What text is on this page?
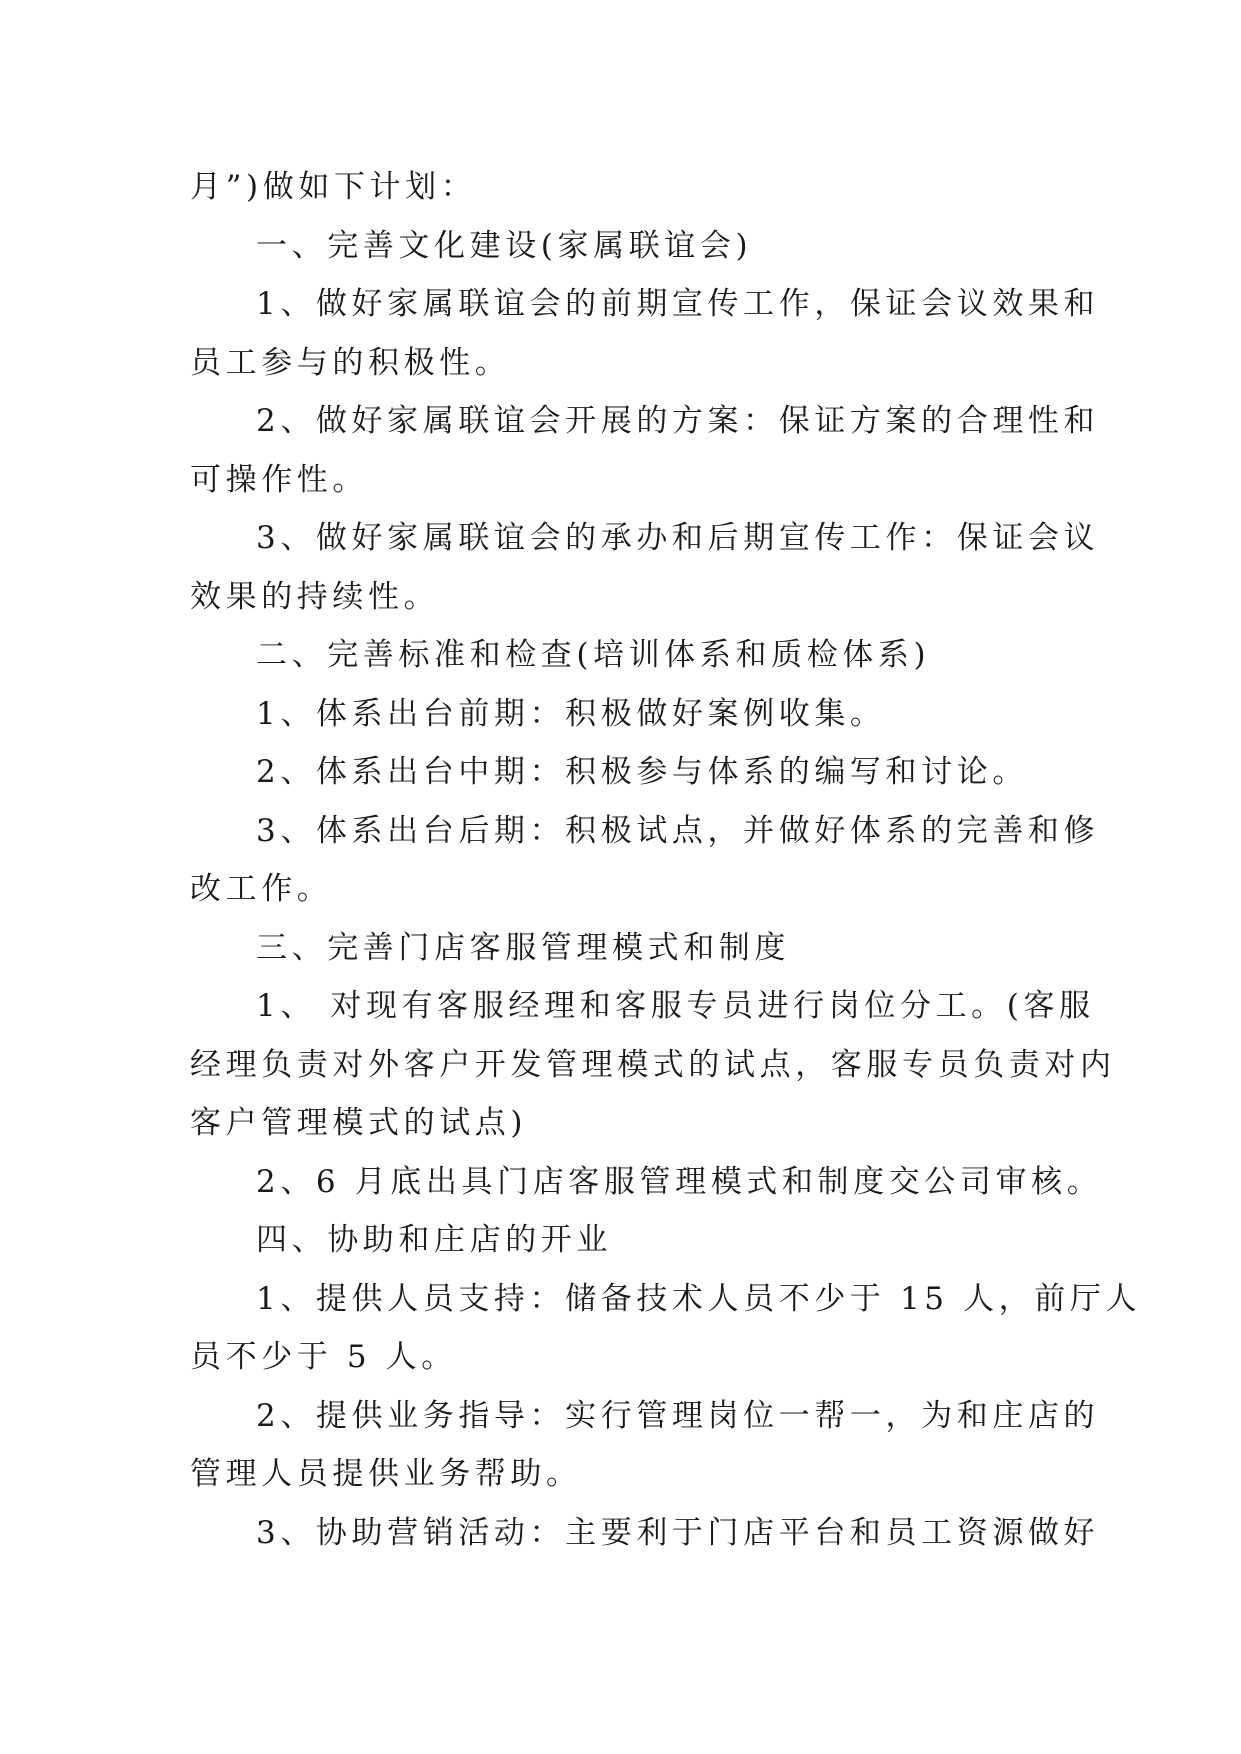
月”)做如下计划：
一、完善文化建设(家属联谊会)
1、做好家属联谊会的前期宣传工作，保证会议效果和
员工参与的积极性。
2、做好家属联谊会开展的方案：保证方案的合理性和
可操作性。
3、做好家属联谊会的承办和后期宣传工作：保证会议
效果的持续性。
二、完善标准和检查(培训体系和质检体系)
1、体系出台前期：积极做好案例收集。
2、体系出台中期：积极参与体系的编写和讨论。
3、体系出台后期：积极试点，并做好体系的完善和修
改工作。
三、完善门店客服管理模式和制度
1、 对现有客服经理和客服专员进行岗位分工。(客服
经理负责对外客户开发管理模式的试点，客服专员负责对内
客户管理模式的试点)
2、6 月底出具门店客服管理模式和制度交公司审核。
四、协助和庄店的开业
1、提供人员支持：储备技术人员不少于 15 人，前厅人
员不少于 5 人。
2、提供业务指导：实行管理岗位一帮一，为和庄店的
管理人员提供业务帮助。
3、协助营销活动：主要利于门店平台和员工资源做好
